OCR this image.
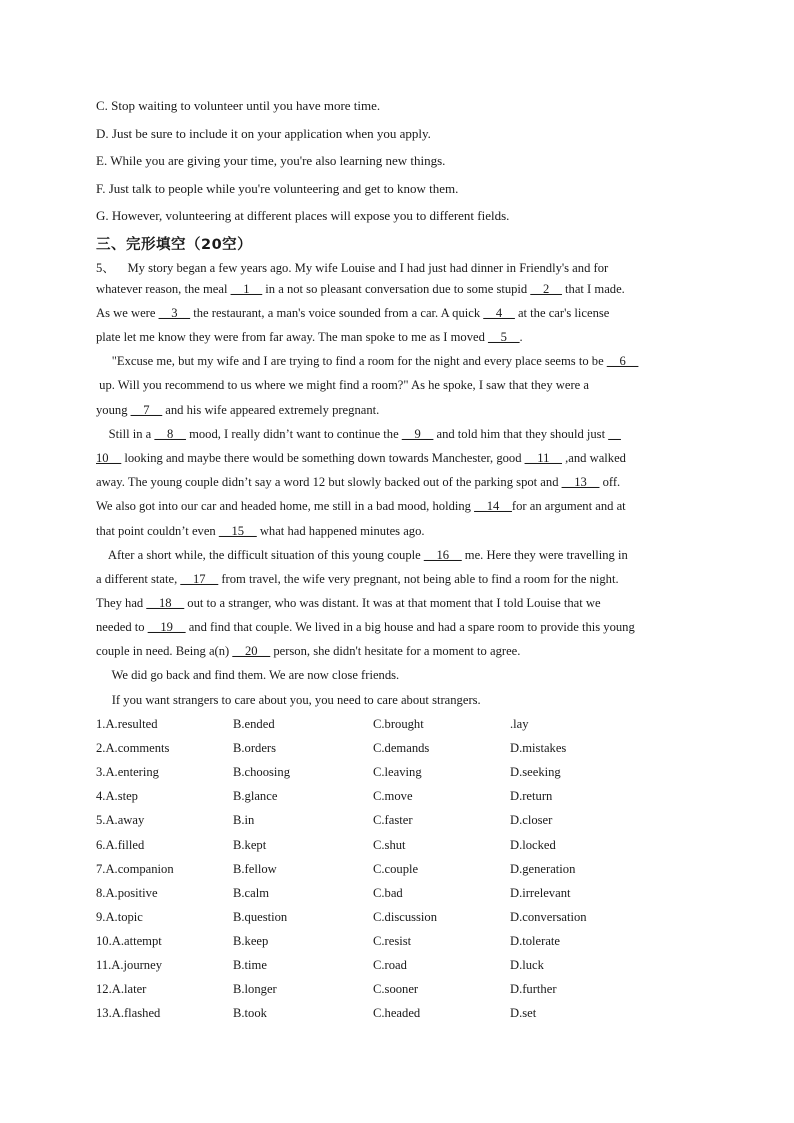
C. Stop waiting to volunteer until you have more time.
D. Just be sure to include it on your application when you apply.
E. While you are giving your time, you're also learning new things.
F. Just talk to people while you're volunteering and get to know them.
G. However, volunteering at different places will expose you to different fields.
三、完形填空（20空）
5、    My story began a few years ago. My wife Louise and I had just had dinner in Friendly's and for
whatever reason, the meal __1__ in a not so pleasant conversation due to some stupid __2__ that I made.
As we were __3__ the restaurant, a man's voice sounded from a car. A quick __4__ at the car's license
plate let me know they were from far away. The man spoke to me as I moved __5__.
"Excuse me, but my wife and I are trying to find a room for the night and every place seems to be __6__
up. Will you recommend to us where we might find a room?" As he spoke, I saw that they were a
young __7__ and his wife appeared extremely pregnant.
Still in a __8__ mood, I really didn’t want to continue the __9__ and told him that they should just __
10__ looking and maybe there would be something down towards Manchester, good __11__ ,and walked
away. The young couple didn’t say a word 12 but slowly backed out of the parking spot and __13__ off.
We also got into our car and headed home, me still in a bad mood, holding __14__for an argument and at
that point couldn’t even __15__ what had happened minutes ago.
After a short while, the difficult situation of this young couple __16__ me. Here they were travelling in
a different state, __17__ from travel, the wife very pregnant, not being able to find a room for the night.
They had __18__ out to a stranger, who was distant. It was at that moment that I told Louise that we
needed to __19__ and find that couple. We lived in a big house and had a spare room to provide this young
couple in need. Being a(n) __20__ person, she didn't hesitate for a moment to agree.
We did go back and find them. We are now close friends.
If you want strangers to care about you, you need to care about strangers.
1.A.resulted	B.ended	C.brought	.lay
2.A.comments	B.orders	C.demands	D.mistakes
3.A.entering	B.choosing	C.leaving	D.seeking
4.A.step	B.glance	C.move	D.return
5.A.away	B.in	C.faster	D.closer
6.A.filled	B.kept	C.shut	D.locked
7.A.companion	B.fellow	C.couple	D.generation
8.A.positive	B.calm	C.bad	D.irrelevant
9.A.topic	B.question	C.discussion	D.conversation
10.A.attempt	B.keep	C.resist	D.tolerate
11.A.journey	B.time	C.road	D.luck
12.A.later	B.longer	C.sooner	D.further
13.A.flashed	B.took	C.headed	D.set
